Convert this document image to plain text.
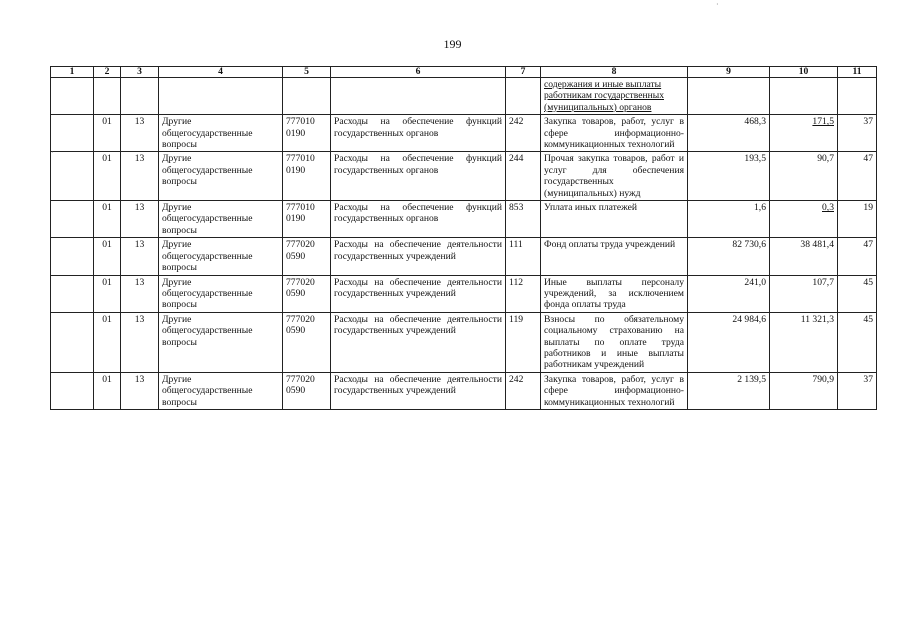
199
1	2	3	4	5	6	7	8	9	10	11
							содержания и иные выплаты работникам государственных (муниципальных) органов			
	01	13	Другие общегосударственные вопросы	777010 0190	Расходы на обеспечение функций государственных органов	242	Закупка товаров, работ, услуг в сфере информационно-коммуникационных технологий	468,3	171,5	37
	01	13	Другие общегосударственные вопросы	777010 0190	Расходы на обеспечение функций государственных органов	244	Прочая закупка товаров, работ и услуг для обеспечения государственных (муниципальных) нужд	193,5	90,7	47
	01	13	Другие общегосударственные вопросы	777010 0190	Расходы на обеспечение функций государственных органов	853	Уплата иных платежей	1,6	0,3	19
	01	13	Другие общегосударственные вопросы	777020 0590	Расходы на обеспечение деятельности государственных учреждений	111	Фонд оплаты труда учреждений	82 730,6	38 481,4	47
	01	13	Другие общегосударственные вопросы	777020 0590	Расходы на обеспечение деятельности государственных учреждений	112	Иные выплаты персоналу учреждений, за исключением фонда оплаты труда	241,0	107,7	45
	01	13	Другие общегосударственные вопросы	777020 0590	Расходы на обеспечение деятельности государственных учреждений	119	Взносы по обязательному социальному страхованию на выплаты по оплате труда работников и иные выплаты работникам учреждений	24 984,6	11 321,3	45
	01	13	Другие общегосударственные вопросы	777020 0590	Расходы на обеспечение деятельности государственных учреждений	242	Закупка товаров, работ, услуг в сфере информационно-коммуникационных технологий	2 139,5	790,9	37
·
·
